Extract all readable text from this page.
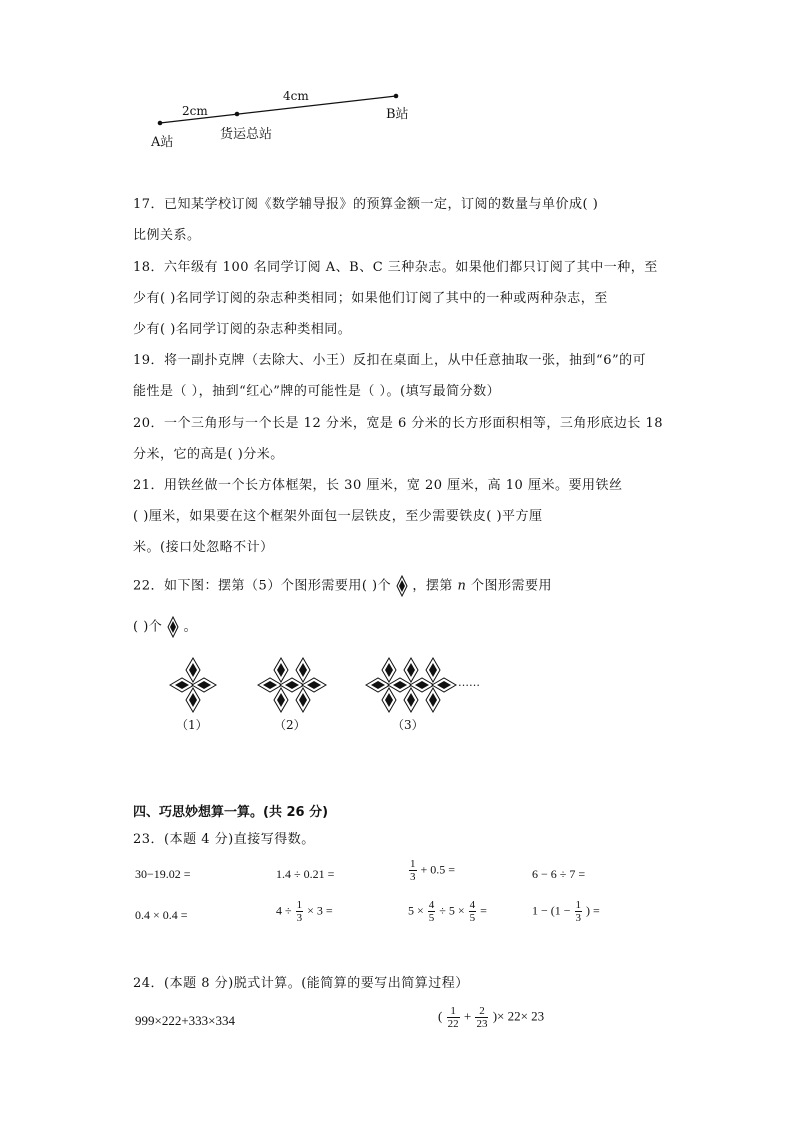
2cm
4cm
A站
B站
货运总站
17．已知某学校订阅《数学辅导报》的预算金额一定，订阅的数量与单价成( )
比例关系。
18．六年级有 100 名同学订阅 A、B、C 三种杂志。如果他们都只订阅了其中一种，至
少有( )名同学订阅的杂志种类相同；如果他们订阅了其中的一种或两种杂志，至
少有( )名同学订阅的杂志种类相同。
19．将一副扑克牌（去除大、小王）反扣在桌面上，从中任意抽取一张，抽到“6”的可
能性是（ ），抽到“红心”牌的可能性是（ ）。(填写最简分数）
20．一个三角形与一个长是 12 分米，宽是 6 分米的长方形面积相等，三角形底边长 18
分米，它的高是( )分米。
21．用铁丝做一个长方体框架，长 30 厘米，宽 20 厘米，高 10 厘米。要用铁丝
( )厘米，如果要在这个框架外面包一层铁皮，至少需要铁皮( )平方厘
米。(接口处忽略不计）
22．如下图：摆第（5）个图形需要用( )个 ，摆第 n 个图形需要用
( )个 。
（1）	（2）	（3）
……
四、巧思妙想算一算。(共 26 分)
23．(本题 4 分)直接写得数。
30−19.02 =	1.4 ÷ 0.21 =	$\frac{1}{3} + 0.5$ =	6 − 6 ÷ 7 =
0.4 × 0.4 =	$4 \div \frac{1}{3} \times 3$ =	$5 \times \frac{4}{5} \div 5 \times \frac{4}{5}$ =	$1 - (1 - \frac{1}{3}$ ) =
24．(本题 8 分)脱式计算。(能简算的要写出简算过程）
999×222+333×334	( $\frac{1}{22} + \frac{2}{23}$ )× 22× 23
